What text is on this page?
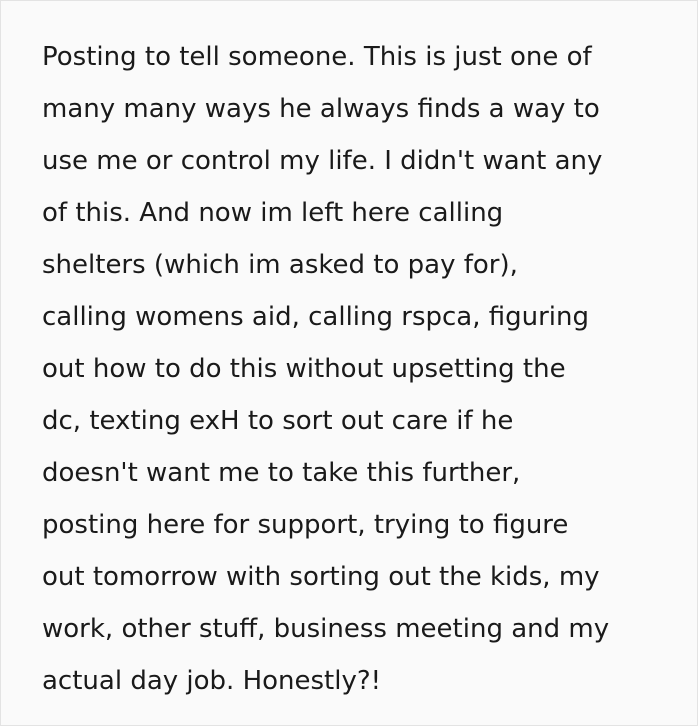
Posting to tell someone. This is just one of
many many ways he always finds a way to
use me or control my life. I didn't want any
of this. And now im left here calling
shelters (which im asked to pay for),
calling womens aid, calling rspca, figuring
out how to do this without upsetting the
dc, texting exH to sort out care if he
doesn't want me to take this further,
posting here for support, trying to figure
out tomorrow with sorting out the kids, my
work, other stuff, business meeting and my
actual day job. Honestly?!
